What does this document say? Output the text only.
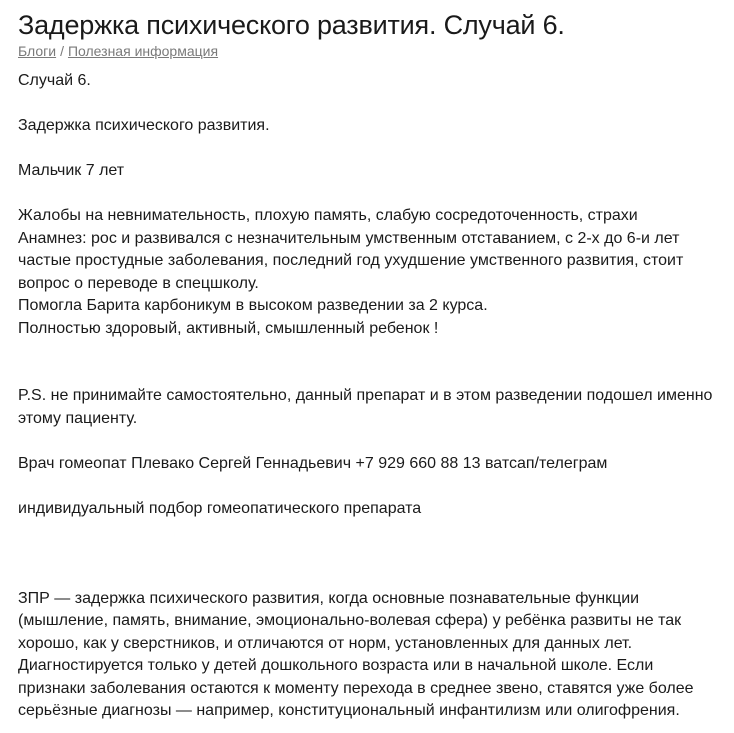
Задержка психического развития. Случай 6.
Блоги / Полезная информация

Случай 6.

Задержка психического развития.

Мальчик 7 лет

Жалобы на невнимательность, плохую память, слабую сосредоточенность, страхи

Анамнез: рос и развивался с незначительным умственным отставанием, с 2-х до 6-и лет частые простудные заболевания, последний год ухудшение умственного развития, стоит вопрос о переводе в спецшколу.

Помогла Барита карбоникум в высоком разведении за 2 курса.

Полностью здоровый, активный, смышленный ребенок !

P.S. не принимайте самостоятельно, данный препарат и в этом разведении подошел именно этому пациенту.

Врач гомеопат Плевако Сергей Геннадьевич +7 929 660 88 13 ватсап/телеграм

индивидуальный подбор гомеопатического препарата

ЗПР — задержка психического развития, когда основные познавательные функции (мышление, память, внимание, эмоционально-волевая сфера) у ребёнка развиты не так хорошо, как у сверстников, и отличаются от норм, установленных для данных лет. Диагностируется только у детей дошкольного возраста или в начальной школе. Если признаки заболевания остаются к моменту перехода в среднее звено, ставятся уже более серьёзные диагнозы — например, конституциональный инфантилизм или олигофрения.
